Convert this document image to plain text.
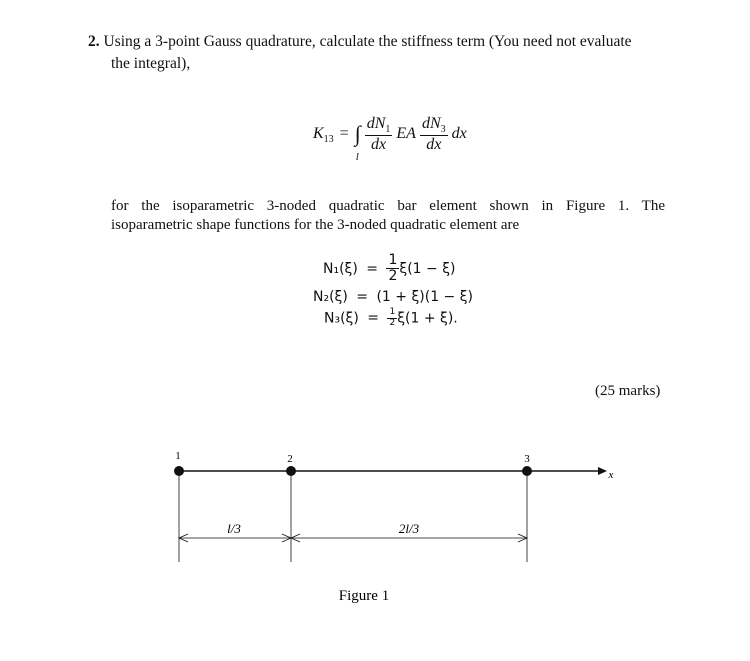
2. Using a 3-point Gauss quadrature, calculate the stiffness term (You need not evaluate
the integral),
$K_{13}$ = ∫
l

$\frac{dN_1}{dx}$ EA $\frac{dN_3}{dx}$ dx
for the isoparametric 3-noded quadratic bar element shown in Figure 1. The
isoparametric shape functions for the 3-noded quadratic element are
$N_1(\xi) = \frac{1}{2} \xi(1 - \xi)$
N₂(ξ) = (1 + ξ)(1 − ξ)
$N_3(\xi) = \frac{1}{2} \xi(1 + \xi)$.
(25 marks)
1	2	3
x
l/3	2l/3
Figure 1
